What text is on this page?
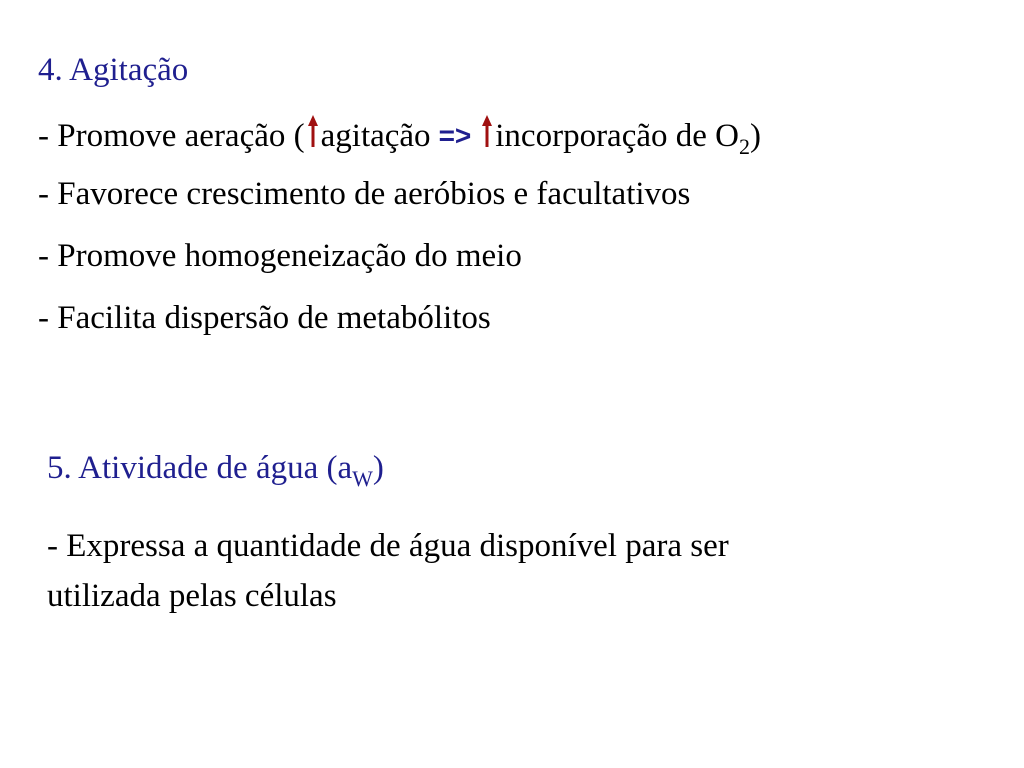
4. Agitação
- Promove aeração ( agitação => incorporação de $O_2$)
- Favorece crescimento de aeróbios e facultativos
- Promove homogeneização do meio
- Facilita dispersão de metabólitos
5. Atividade de água $(a_W)$
- Expressa a quantidade de água disponível para ser
utilizada pelas células
